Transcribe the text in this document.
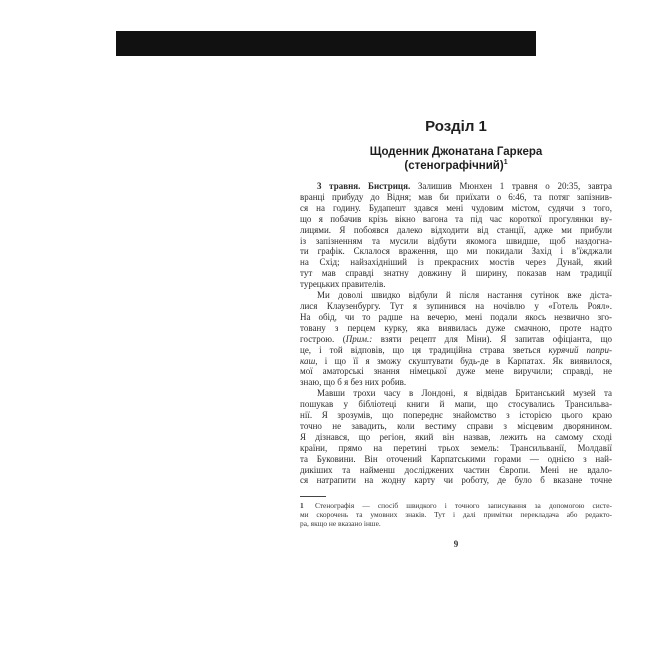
Розділ 1

Щоденник Джонатана Гаркера

(стенографічний)$^1$

3 травня. Бистриця. Залишив Мюнхен 1 травня о 20:35, завтра
вранці прибуду до Відня; мав би приїхати о 6:46, та потяг запізнив-
ся на годину. Будапешт здався мені чудовим містом, судячи з того,
що я побачив крізь вікно вагона та під час короткої прогулянки ву-
лицями. Я побоявся далеко відходити від станції, адже ми прибули
із запізненням та мусили відбути якомога швидше, щоб наздогна-
ти графік. Склалося враження, що ми покидали Захід і в’їжджали
на Схід; найзахідніший із прекрасних мостів через Дунай, який
тут мав справді знатну довжину й ширину, показав нам традиції
турецьких правителів.
Ми доволі швидко відбули й після настання сутінок вже діста-
лися Клаузенбургу. Тут я зупинився на ночівлю у «Готель Роял».
На обід, чи то радше на вечерю, мені подали якось незвично зго-
товану з перцем курку, яка виявилась дуже смачною, проте надто
гострою. (Прим.: взяти рецепт для Міни). Я запитав офіціанта, що
це, і той відповів, що ця традиційна страва зветься курячий папри-
каш, і що її я зможу скуштувати будь-де в Карпатах. Як виявилося,
мої аматорські знання німецької дуже мене виручили; справді, не
знаю, що б я без них робив.
Мавши трохи часу в Лондоні, я відвідав Британський музей та
пошукав у бібліотеці книги й мапи, що стосувались Трансильва-
нії. Я зрозумів, що попереднє знайомство з історією цього краю
точно не завадить, коли вестиму справи з місцевим дворянином.
Я дізнався, що регіон, який він назвав, лежить на самому сході
країни, прямо на перетині трьох земель: Трансильванії, Молдавії
та Буковини. Він оточений Карпатськими горами — однією з най-
дикіших та найменш досліджених частин Європи. Мені не вдало-
ся натрапити на жодну карту чи роботу, де було б вказане точне
1 Стенографія — спосіб швидкого і точного записування за допомогою систе-
ми скорочень та умовних знаків. Тут і далі примітки перекладача або редакто-
ра, якщо не вказано інше.
9
